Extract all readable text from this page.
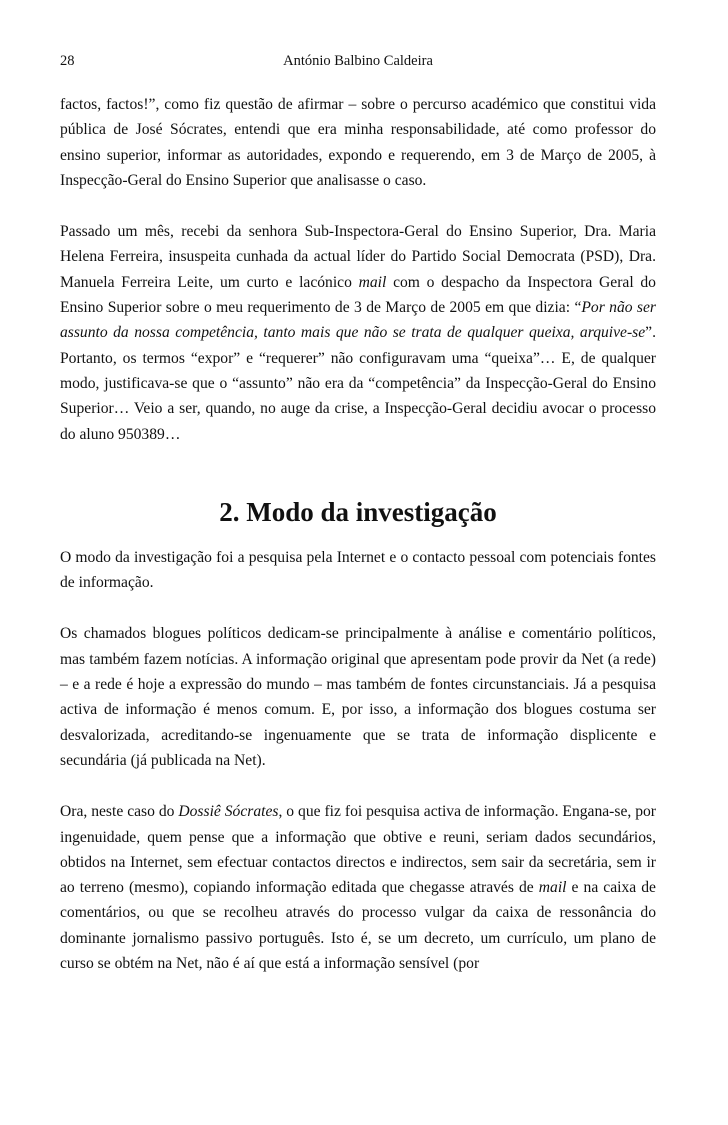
28	António Balbino Caldeira

factos, factos!”, como fiz questão de afirmar – sobre o percurso académico que constitui vida pública de José Sócrates, entendi que era minha responsabilidade, até como professor do ensino superior, informar as autoridades, expondo e requerendo, em 3 de Março de 2005, à Inspecção-Geral do Ensino Superior que analisasse o caso.

Passado um mês, recebi da senhora Sub-Inspectora-Geral do Ensino Superior, Dra. Maria Helena Ferreira, insuspeita cunhada da actual líder do Partido Social Democrata (PSD), Dra. Manuela Ferreira Leite, um curto e lacónico mail com o despacho da Inspectora Geral do Ensino Superior sobre o meu requerimento de 3 de Março de 2005 em que dizia: “Por não ser assunto da nossa competência, tanto mais que não se trata de qualquer queixa, arquive-se”. Portanto, os termos “expor” e “requerer” não configuravam uma “queixa”… E, de qualquer modo, justificava-se que o “assunto” não era da “competência” da Inspecção-Geral do Ensino Superior… Veio a ser, quando, no auge da crise, a Inspecção-Geral decidiu avocar o processo do aluno 950389…

2. Modo da investigação

O modo da investigação foi a pesquisa pela Internet e o contacto pessoal com potenciais fontes de informação.

Os chamados blogues políticos dedicam-se principalmente à análise e comentário políticos, mas também fazem notícias. A informação original que apresentam pode provir da Net (a rede) – e a rede é hoje a expressão do mundo – mas também de fontes circunstanciais. Já a pesquisa activa de informação é menos comum. E, por isso, a informação dos blogues costuma ser desvalorizada, acreditando-se ingenuamente que se trata de informação displicente e secundária (já publicada na Net).

Ora, neste caso do Dossiê Sócrates, o que fiz foi pesquisa activa de informação. Engana-se, por ingenuidade, quem pense que a informação que obtive e reuni, seriam dados secundários, obtidos na Internet, sem efectuar contactos directos e indirectos, sem sair da secretária, sem ir ao terreno (mesmo), copiando informação editada que chegasse através de mail e na caixa de comentários, ou que se recolheu através do processo vulgar da caixa de ressonância do dominante jornalismo passivo português. Isto é, se um decreto, um currículo, um plano de curso se obtém na Net, não é aí que está a informação sensível (por
